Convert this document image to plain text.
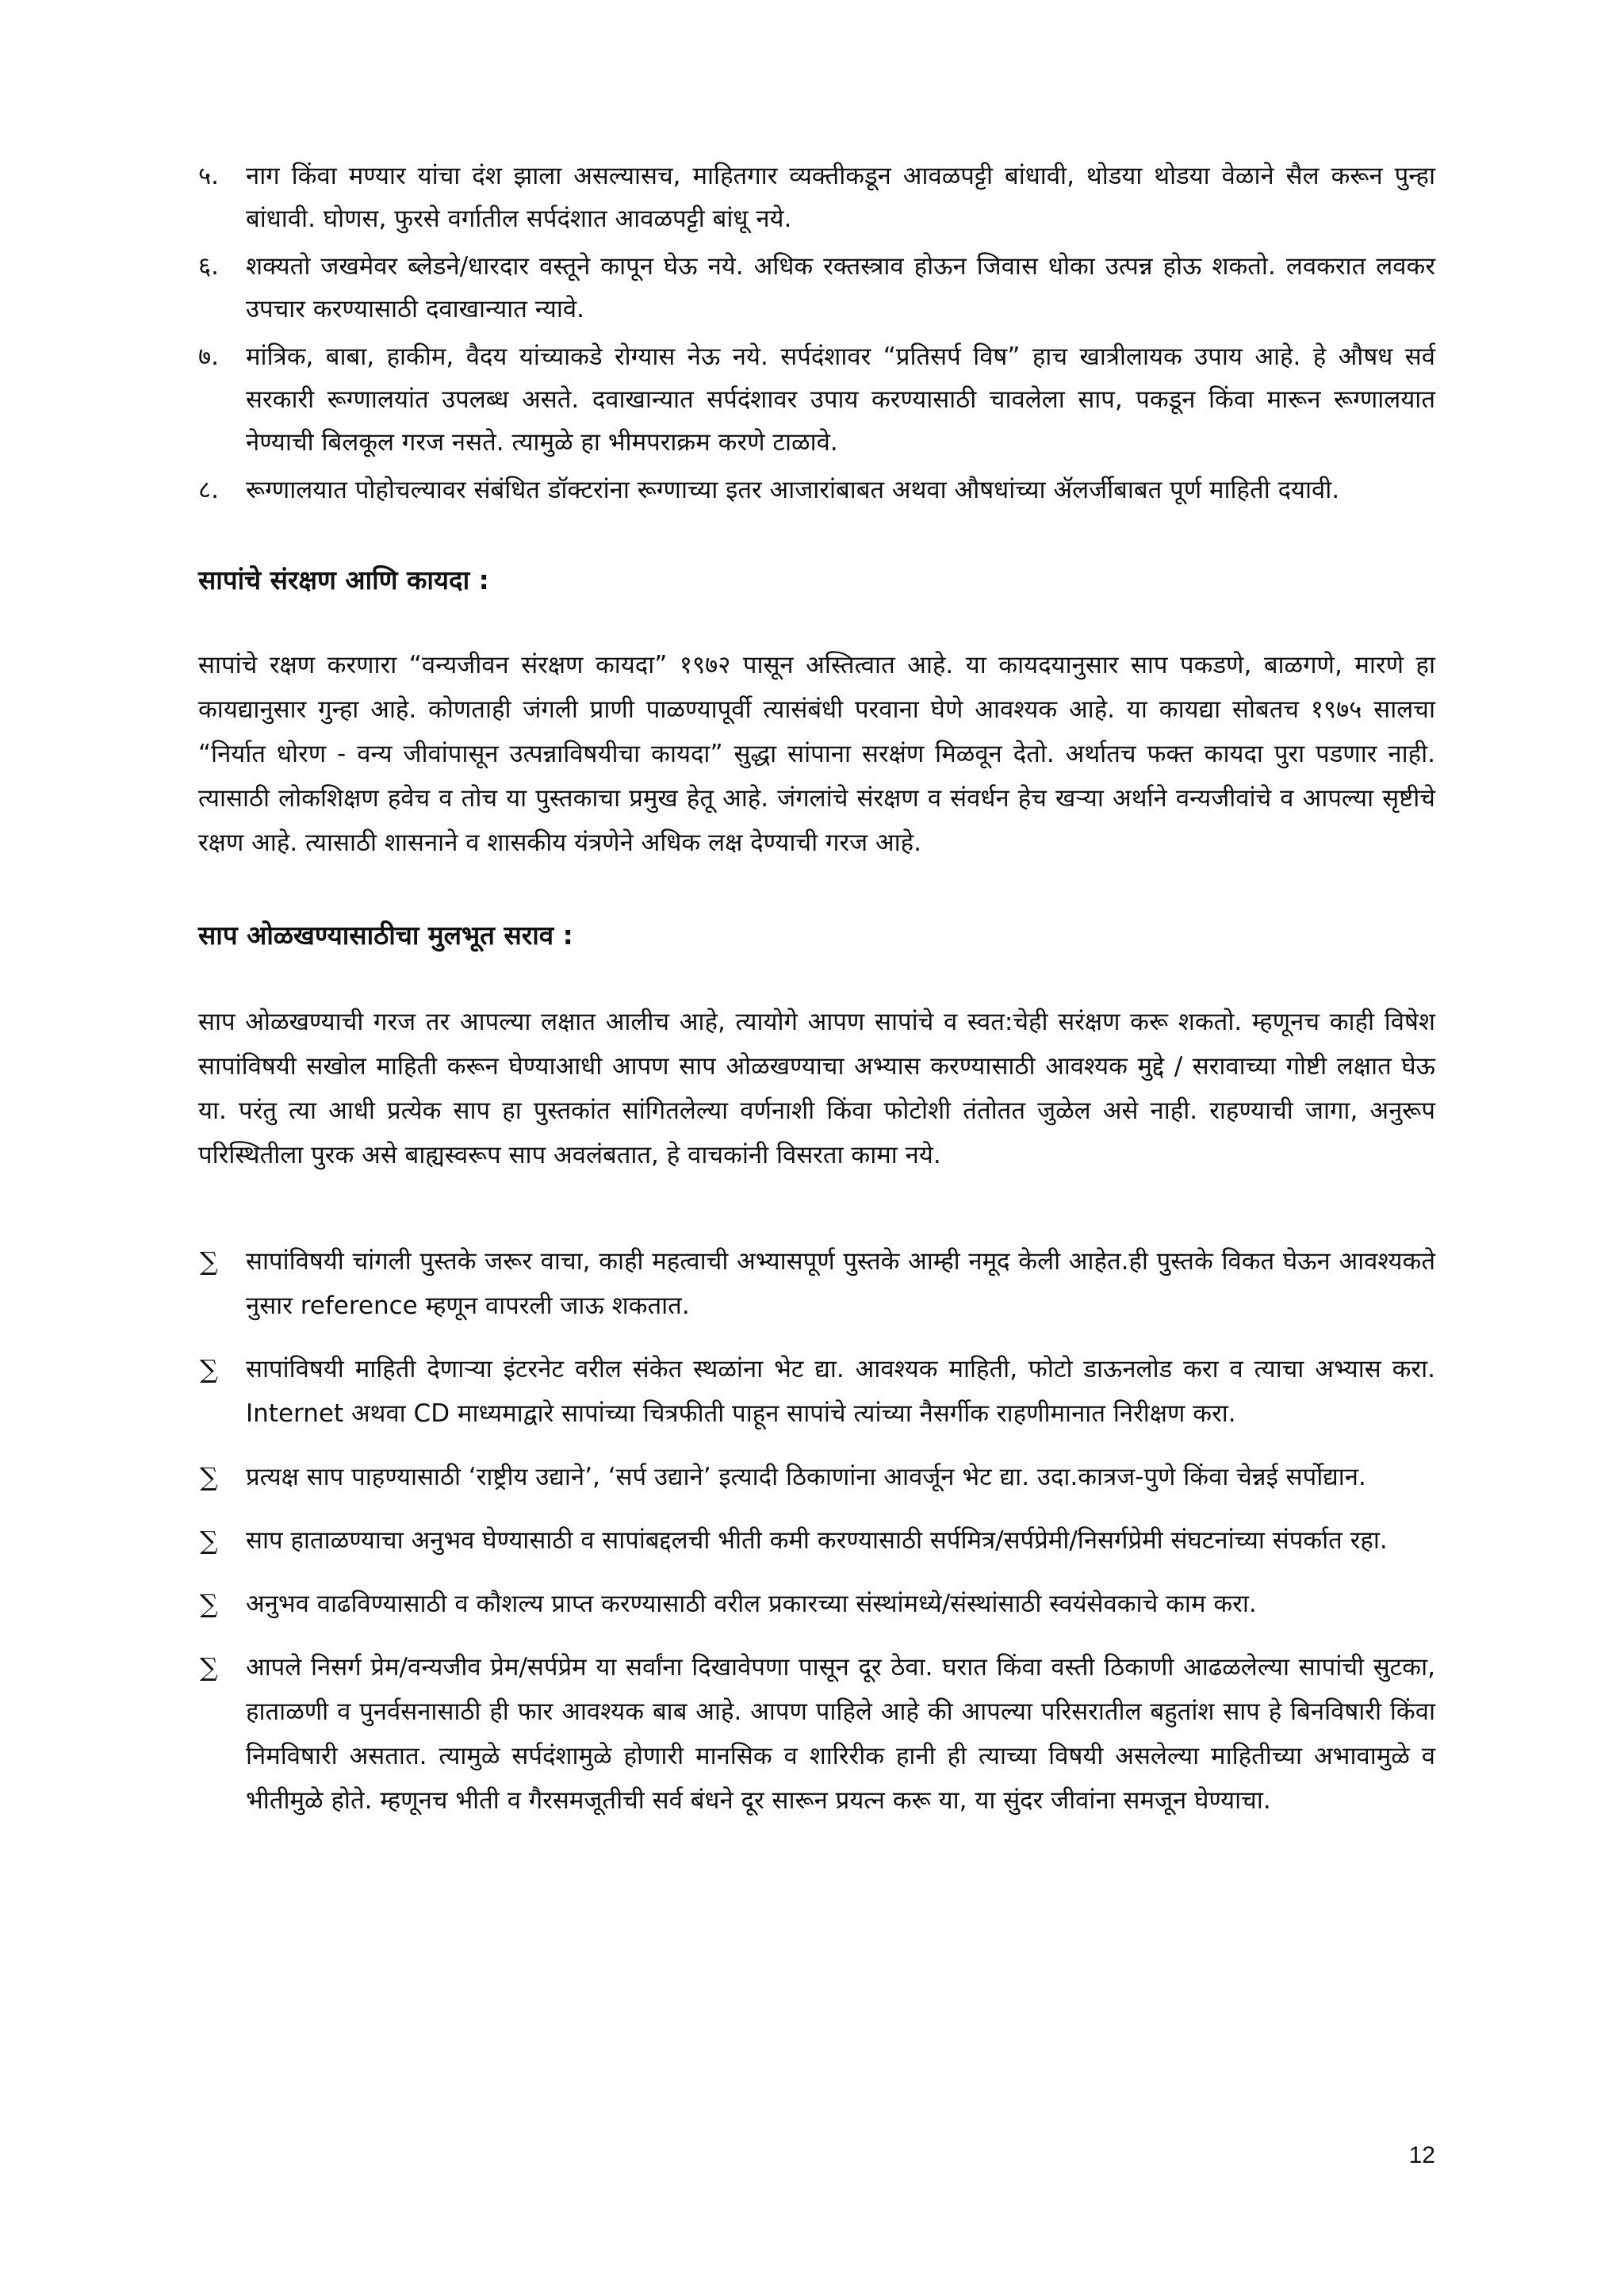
५.	नाग किंवा मण्यार यांचा दंश झाला असल्यासच, माहितगार व्यक्तीकडून आवळपट्टी बांधावी, थोडया थोडया वेळाने सैल करून पुन्हा बांधावी. घोणस, फुरसे वर्गातील सर्पदंशात आवळपट्टी बांधू नये.
६.	शक्यतो जखमेवर ब्लेडने/धारदार वस्तूने कापून घेऊ नये. अधिक रक्तस्त्राव होऊन जिवास धोका उत्पन्न होऊ शकतो. लवकरात लवकर उपचार करण्यासाठी दवाखान्यात न्यावे.
७.	मांत्रिक, बाबा, हाकीम, वैदय यांच्याकडे रोग्यास नेऊ नये. सर्पदंशावर “प्रतिसर्प विष” हाच खात्रीलायक उपाय आहे. हे औषध सर्व सरकारी रूग्णालयांत उपलब्ध असते. दवाखान्यात सर्पदंशावर उपाय करण्यासाठी चावलेला साप, पकडून किंवा मारून रूग्णालयात नेण्याची बिलकूल गरज नसते. त्यामुळे हा भीमपराक्रम करणे टाळावे.
८.	रूग्णालयात पोहोचल्यावर संबंधित डॉक्टरांना रूग्णाच्या इतर आजारांबाबत अथवा औषधांच्या ॲलर्जीबाबत पूर्ण माहिती दयावी.
सापांचे संरक्षण आणि कायदा :

सापांचे रक्षण करणारा “वन्यजीवन संरक्षण कायदा” १९७२ पासून अस्तित्वात आहे. या कायदयानुसार साप पकडणे, बाळगणे, मारणे हा कायद्यानुसार गुन्हा आहे. कोणताही जंगली प्राणी पाळण्यापूर्वी त्यासंबंधी परवाना घेणे आवश्यक आहे. या कायद्या सोबतच १९७५ सालचा “निर्यात धोरण - वन्य जीवांपासून उत्पन्नाविषयीचा कायदा” सुद्धा सांपाना सरक्षंण मिळवून देतो. अर्थातच फक्त कायदा पुरा पडणार नाही. त्यासाठी लोकशिक्षण हवेच व तोच या पुस्तकाचा प्रमुख हेतू आहे. जंगलांचे संरक्षण व संवर्धन हेच खऱ्या अर्थाने वन्यजीवांचे व आपल्या सृष्टीचे रक्षण आहे. त्यासाठी शासनाने व शासकीय यंत्रणेने अधिक लक्ष देण्याची गरज आहे.

साप ओळखण्यासाठीचा मुलभूत सराव :

साप ओळखण्याची गरज तर आपल्या लक्षात आलीच आहे, त्यायोगे आपण सापांचे व स्वत:चेही सरंक्षण करू शकतो. म्हणूनच काही विषेश सापांविषयी सखोल माहिती करून घेण्याआधी आपण साप ओळखण्याचा अभ्यास करण्यासाठी आवश्यक मुद्दे / सरावाच्या गोष्टी लक्षात घेऊ या. परंतु त्या आधी प्रत्येक साप हा पुस्तकांत सांगितलेल्या वर्णनाशी किंवा फोटोशी तंतोतत जुळेल असे नाही. राहण्याची जागा, अनुरूप परिस्थितीला पुरक असे बाह्यस्वरूप साप अवलंबतात, हे वाचकांनी विसरता कामा नये.

∑ सापांविषयी चांगली पुस्तके जरूर वाचा, काही महत्वाची अभ्यासपूर्ण पुस्तके आम्ही नमूद केली आहेत.ही पुस्तके विकत घेऊन आवश्यकते नुसार reference म्हणून वापरली जाऊ शकतात.
∑ सापांविषयी माहिती देणाऱ्या इंटरनेट वरील संकेत स्थळांना भेट द्या. आवश्यक माहिती, फोटो डाऊनलोड करा व त्याचा अभ्यास करा. Internet अथवा CD माध्यमाद्वारे सापांच्या चित्रफीती पाहून सापांचे त्यांच्या नैसर्गीक राहणीमानात निरीक्षण करा.
∑ प्रत्यक्ष साप पाहण्यासाठी ‘राष्ट्रीय उद्याने’, ‘सर्प उद्याने’ इत्यादी ठिकाणांना आवर्जून भेट द्या. उदा.कात्रज-पुणे किंवा चेन्नई सर्पोद्यान.
∑ साप हाताळण्याचा अनुभव घेण्यासाठी व सापांबद्दलची भीती कमी करण्यासाठी सर्पमित्र/सर्पप्रेमी/निसर्गप्रेमी संघटनांच्या संपर्कात रहा.
∑ अनुभव वाढविण्यासाठी व कौशल्य प्राप्त करण्यासाठी वरील प्रकारच्या संस्थांमध्ये/संस्थांसाठी स्वयंसेवकाचे काम करा.
∑ आपले निसर्ग प्रेम/वन्यजीव प्रेम/सर्पप्रेम या सर्वांना दिखावेपणा पासून दूर ठेवा. घरात किंवा वस्ती ठिकाणी आढळलेल्या सापांची सुटका, हाताळणी व पुनर्वसनासाठी ही फार आवश्यक बाब आहे. आपण पाहिले आहे की आपल्या परिसरातील बहुतांश साप हे बिनविषारी किंवा निमविषारी असतात. त्यामुळे सर्पदंशामुळे होणारी मानसिक व शारिरीक हानी ही त्याच्या विषयी असलेल्या माहितीच्या अभावामुळे व भीतीमुळे होते. म्हणूनच भीती व गैरसमजूतीची सर्व बंधने दूर सारून प्रयत्न करू या, या सुंदर जीवांना समजून घेण्याचा.
12
